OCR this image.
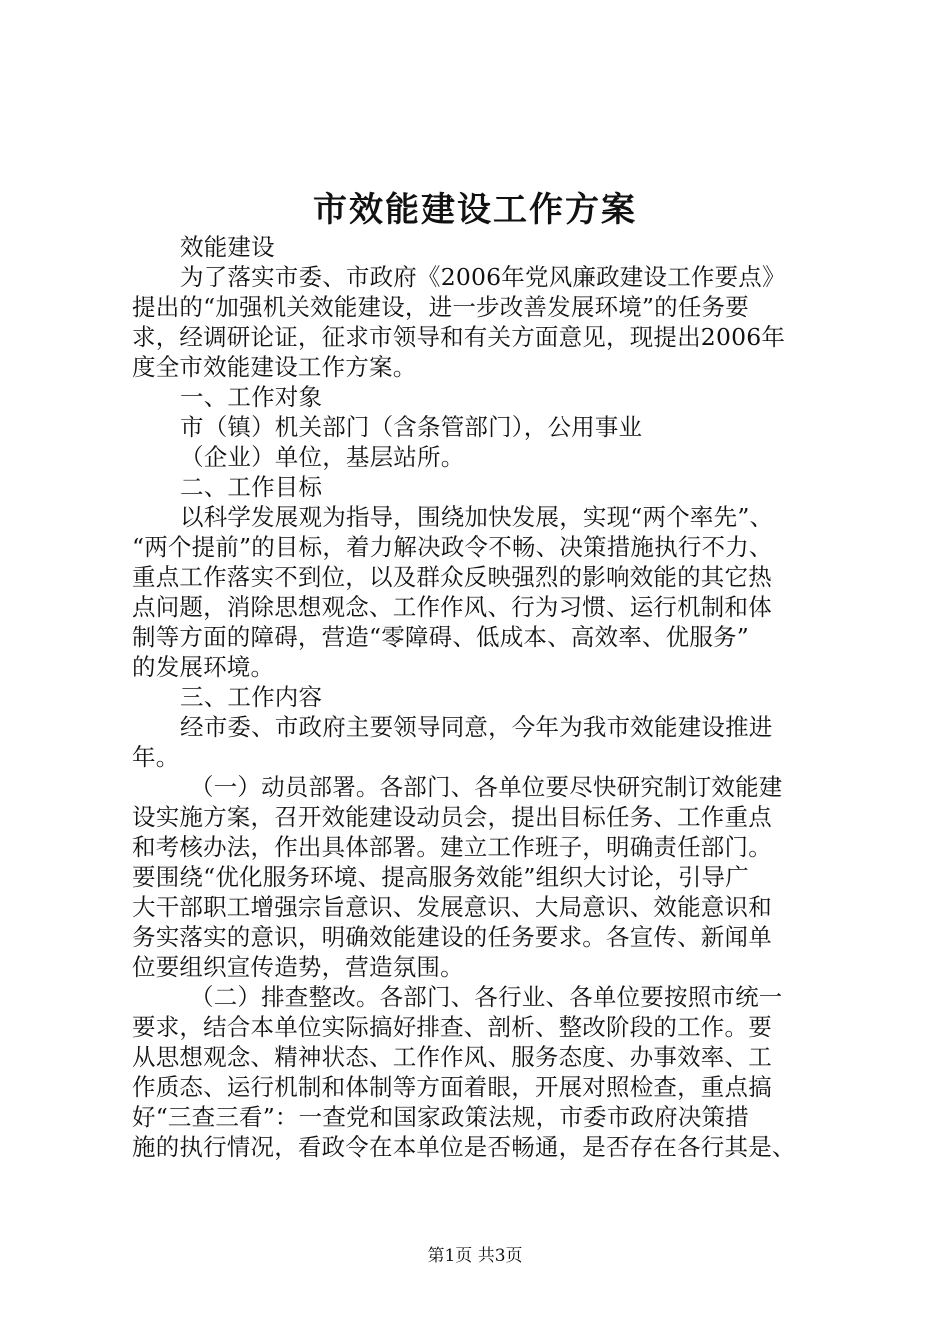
市效能建设工作方案
效能建设
为了落实市委、市政府《2006年党风廉政建设工作要点》
提出的“加强机关效能建设，进一步改善发展环境”的任务要
求，经调研论证，征求市领导和有关方面意见，现提出2006年
度全市效能建设工作方案。
一、工作对象
市（镇）机关部门（含条管部门），公用事业
（企业）单位，基层站所。
二、工作目标
以科学发展观为指导，围绕加快发展，实现“两个率先”、
“两个提前”的目标，着力解决政令不畅、决策措施执行不力、
重点工作落实不到位，以及群众反映强烈的影响效能的其它热
点问题，消除思想观念、工作作风、行为习惯、运行机制和体
制等方面的障碍，营造“零障碍、低成本、高效率、优服务”
的发展环境。
三、工作内容
经市委、市政府主要领导同意，今年为我市效能建设推进
年。
（一）动员部署。各部门、各单位要尽快研究制订效能建
设实施方案，召开效能建设动员会，提出目标任务、工作重点
和考核办法，作出具体部署。建立工作班子，明确责任部门。
要围绕“优化服务环境、提高服务效能”组织大讨论，引导广
大干部职工增强宗旨意识、发展意识、大局意识、效能意识和
务实落实的意识，明确效能建设的任务要求。各宣传、新闻单
位要组织宣传造势，营造氛围。
（二）排查整改。各部门、各行业、各单位要按照市统一
要求，结合本单位实际搞好排查、剖析、整改阶段的工作。要
从思想观念、精神状态、工作作风、服务态度、办事效率、工
作质态、运行机制和体制等方面着眼，开展对照检查，重点搞
好“三查三看”：一查党和国家政策法规，市委市政府决策措
施的执行情况，看政令在本单位是否畅通，是否存在各行其是、
第1页 共3页
